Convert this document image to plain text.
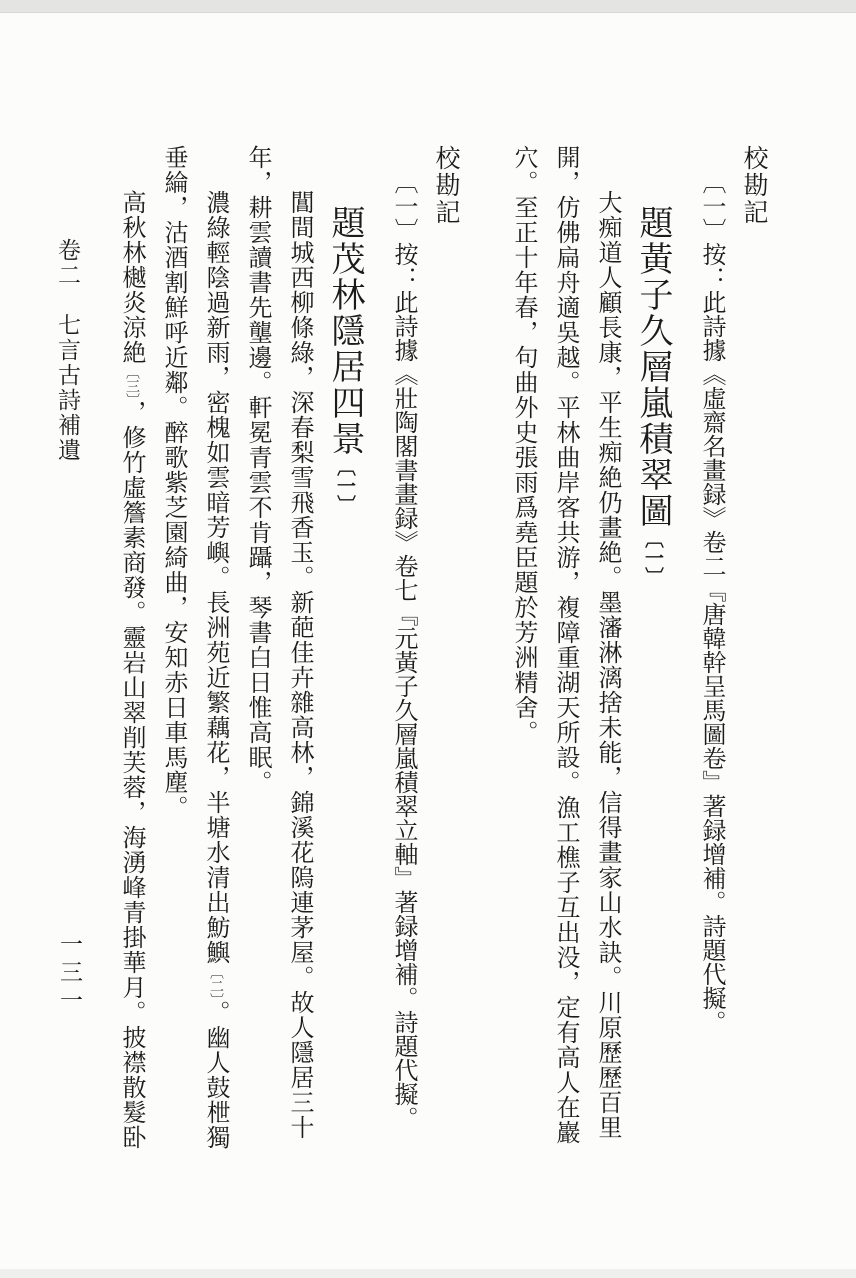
校勘記

〔一〕按：此詩據《虛齋名畫録》卷二『唐韓幹呈馬圖卷』著録增補。詩題代擬。

題黃子久層嵐積翠圖〔一〕

大痴道人顧長康，平生痴絶仍畫絶。墨瀋淋漓捨未能，信得畫家山水訣。川原歷歷百里開，仿佛扁舟適吳越。平林曲岸客共游，複障重湖天所設。漁工樵子互出没，定有高人在巖穴。至正十年春，句曲外史張雨爲堯臣題於芳洲精舍。

校勘記

〔一〕按：此詩據《壯陶閣書畫録》卷七『元黃子久層嵐積翠立軸』著録增補。詩題代擬。

題茂林隱居四景〔一〕

閶間城西柳條綠，深春梨雪飛香玉。新葩佳卉雜高林，錦溪花隖連茅屋。故人隱居三十年，耕雲讀書先壟邊。軒冕青雲不肯躡，琴書白日惟高眠。

濃綠輕陰過新雨，密槐如雲暗芳嶼。長洲苑近繁藕花，半塘水清出魴鱮〔二〕。幽人鼓枻獨垂綸，沽酒割鮮呼近鄰。醉歌紫芝園綺曲，安知赤日車馬塵。

高秋林樾炎涼絶〔三〕，修竹虛簷素商發。靈岩山翠削芙蓉，海湧峰青掛華月。披襟散髮卧

卷二　七言古詩補遺
一三一
